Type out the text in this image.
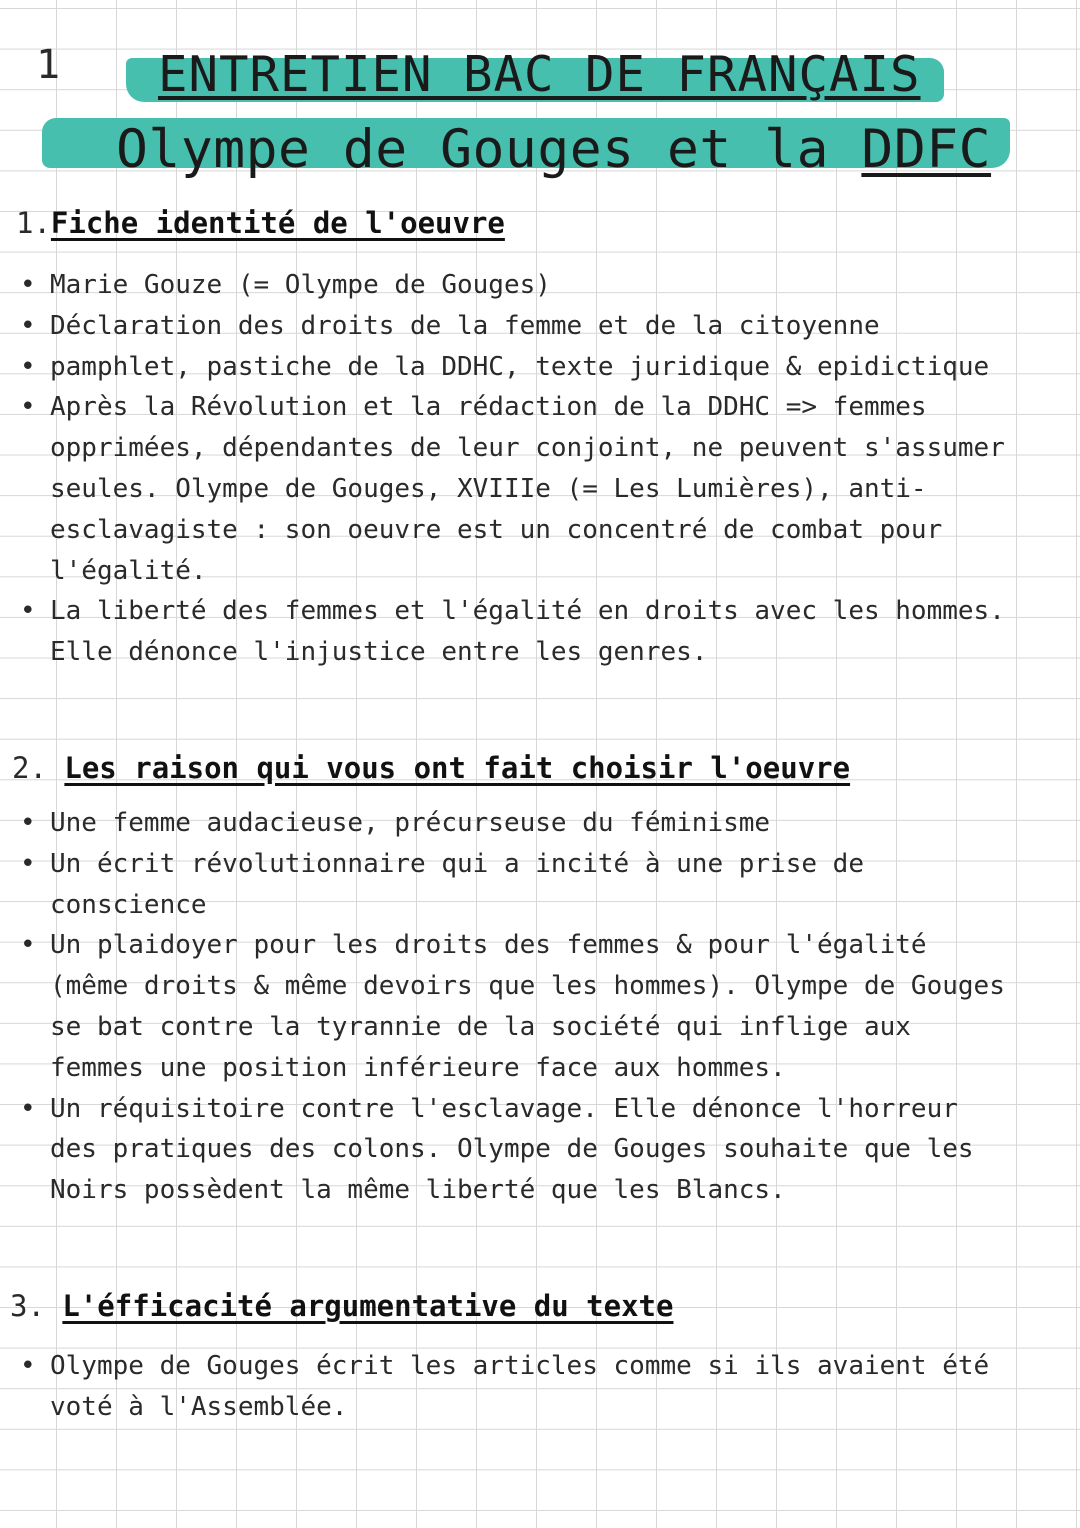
1 ENTRETIEN BAC DE FRANÇAIS
Olympe de Gouges et la DDFC
1.Fiche identité de l'oeuvre
• Marie Gouze (= Olympe de Gouges)
• Déclaration des droits de la femme et de la citoyenne
• pamphlet, pastiche de la DDHC, texte juridique & epidictique
• Après la Révolution et la rédaction de la DDHC => femmes opprimées, dépendantes de leur conjoint, ne peuvent s'assumer seules. Olympe de Gouges, XVIIIe (= Les Lumières), anti-esclavagiste : son oeuvre est un concentré de combat pour l'égalité.
• La liberté des femmes et l'égalité en droits avec les hommes. Elle dénonce l'injustice entre les genres.
2. Les raison qui vous ont fait choisir l'oeuvre
• Une femme audacieuse, précurseuse du féminisme
• Un écrit révolutionnaire qui a incité à une prise de conscience
• Un plaidoyer pour les droits des femmes & pour l'égalité (même droits & même devoirs que les hommes). Olympe de Gouges se bat contre la tyrannie de la société qui inflige aux femmes une position inférieure face aux hommes.
• Un réquisitoire contre l'esclavage. Elle dénonce l'horreur des pratiques des colons. Olympe de Gouges souhaite que les Noirs possèdent la même liberté que les Blancs.
3. L'éfficacité argumentative du texte
• Olympe de Gouges écrit les articles comme si ils avaient été voté à l'Assemblée.
